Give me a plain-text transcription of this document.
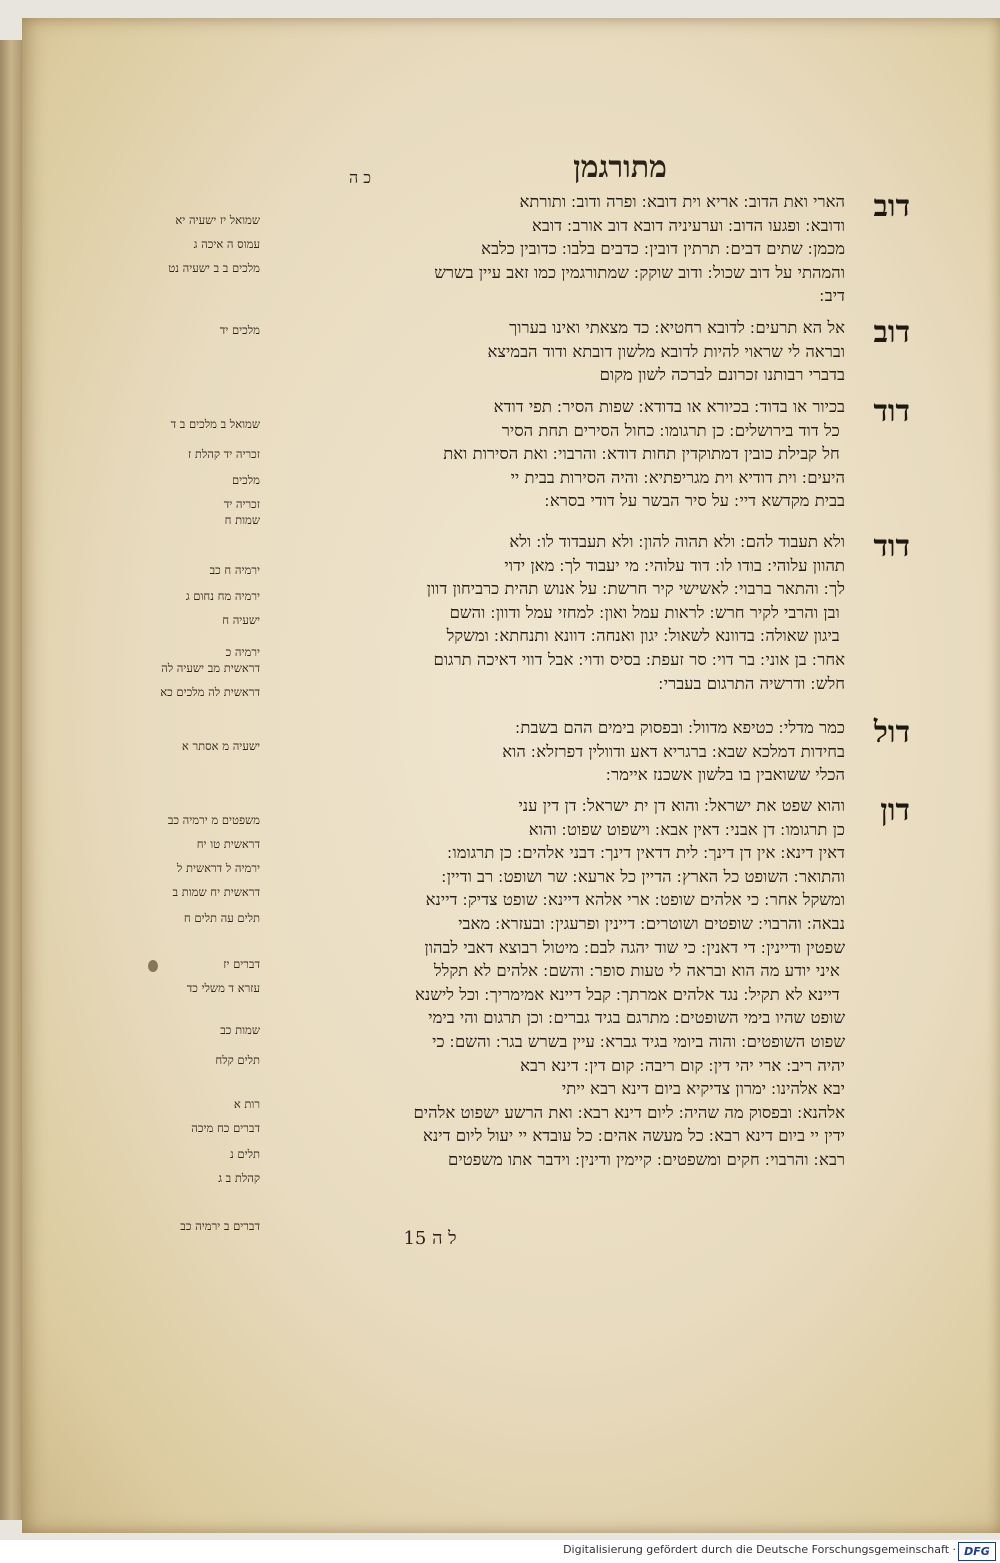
מתורגמן
כ ה
דוב
הארי ואת הדוב ׃ אריא וית דובא ׃ ופרה ודוב ׃ ותורתא
ודובא ׃ ופגעו הדוב ׃ וערעיניה דובא דוב אורב ׃ דובא
מכמן ׃ שתים דבים ׃ תרתין דובין ׃ כדבים בלבו ׃ כדובין כלבא
והמהתי על דוב שכול ׃ ודוב שוקק ׃ שמתורגמין כמו זאב עיין בשרש
דיב ׃
דוב
אל הא תרעים ׃ לדובא רחטיא ׃ כד מצאתי ואינו בערוך
ובראה לי שראוי להיות לדובא מלשון דובתא ודוד הבמיצא
בדברי רבותנו זכרונם לברכה לשון מקום
דוד
בכיור או בדוד ׃ בכיורא או בדודא ׃ שפות הסיר ׃ תפי דודא
׃ כל דוד בירושלים ׃ כן תרגומו ׃ כחול הסירים תחת הסיר
׃ חל קבילת כובין דמתוקדין תחות דודא ׃ והרבוי ׃ ואת הסירות ואת
היעים ׃ וית דודיא וית מגריפתיא ׃ והיה הסירות בבית יי
בבית מקדשא דיי ׃ על סיר הבשר על דודי בסרא ׃
דוד
ולא תעבוד להם ׃ ולא תהוה להון ׃ ולא תעבדוד לו ׃ ולא
תהוון עלוהי ׃ בודו לו ׃ דוד עלוהי ׃ מי יעבוד לך ׃ מאן ידוי
לך ׃ והתאר ברבוי ׃ לאשישי קיר חרשת ׃ על אנוש תהית כרביחון דוון
׃ ובן והרבי לקיר חרש ׃ לראות עמל ואון ׃ למחזי עמל ודוון ׃ והשם
׃ ביגון שאולה ׃ בדוונא לשאול ׃ יגון ואנחה ׃ דוונא ותנחתא ׃ ומשקל
אחר ׃ בן אוני ׃ בר דוי ׃ סר זעפת ׃ בסיס ודוי ׃ אבל דווי דאיכה תרגום
חלש ׃ ודרשיה התרגום בעברי ׃
דול
כמר מדלי ׃ כטיפא מדוול ׃ ובפסוק בימים ההם בשבת ׃
בחידות דמלכא שבא ׃ ברגריא דאע ודוולין דפרזלא ׃ הוא
הכלי ששואבין בו בלשון אשכנז איימר ׃
דון
והוא שפט את ישראל ׃ והוא דן ית ישראל ׃ דן דין עני
כן תרגומו ׃ דן אבני ׃ דאין אבא ׃ וישפוט שפוט ׃ והוא
דאין דינא ׃ אין דן דינך ׃ לית דדאין דינך ׃ דבני אלהים ׃ כן תרגומו ׃
והתואר ׃ השופט כל הארץ ׃ הדיין כל ארעא ׃ שר ושופט ׃ רב ודיין ׃
ומשקל אחר ׃ כי אלהים שופט ׃ ארי אלהא דיינא ׃ שופט צדיק ׃ דיינא
נבאה ׃ והרבוי ׃ שופטים ושוטרים ׃ דיינין ופרעגין ׃ ובעזרא ׃ מאבי
שפטין ודיינין ׃ די דאנין ׃ כי שוד יהגה לבם ׃ מיטול רבוצא דאבי לבהון
׃ איני יודע מה הוא ובראה לי טעות סופר ׃ והשם ׃ אלהים לא תקלל
׃ דיינא לא תקיל ׃ נגד אלהים אמרתך ׃ קבל דיינא אמימריך ׃ וכל לישנא
שופט שהיו בימי השופטים ׃ מתרגם בגיד גברים ׃ וכן תרגום והי בימי
שפוט השופטים ׃ והוה ביומי בגיד גברא ׃ עיין בשרש בגר ׃ והשם ׃ כי
יהיה ריב ׃ ארי יהי דין ׃ קום ריבה ׃ קום דין ׃ דינא רבא
יבא אלהינו ׃ ימרון צדיקיא ביום דינא רבא ייתי
אלהנא ׃ ובפסוק מה שהיה ׃ ליום דינא רבא ׃ ואת הרשע ישפוט אלהים
ידין יי ביום דינא רבא ׃ כל מעשה אהים ׃ כל עובדא יי יעול ליום דינא
רבא ׃ והרבוי ׃ חקים ומשפטים ׃ קיימין ודינין ׃ וידבר אתו משפטים
שמואל יז ישעיה יא
עמוס ה איכה ג
מלכים ב ב ישעיה נט
מלכים יד
שמואל ב מלכים ב ד
זכריה יד קהלת ז
מלכים
זכריה יד
שמות ח
ירמיה ח כב
ירמיה מח נחום ג
ישעיה ח
ירמיה כ
דראשית מב ישעיה לה
דראשית לה מלכים כא
ישעיה מ אסתר א
משפטים מ ירמיה כב
דראשית טו יח
ירמיה ל דראשית ל
דראשית יח שמות ב
תלים עה תלים ח
דברים יז
עזרא ד משלי כד
שמות כב
תלים קלח
רות א
דברים כח מיכה
תלים נ
קהלת ב ג
דברים ב ירמיה כב
ל ה 15
Digitalisierung gefördert durch die Deutsche Forschungsgemeinschaft · DFG
